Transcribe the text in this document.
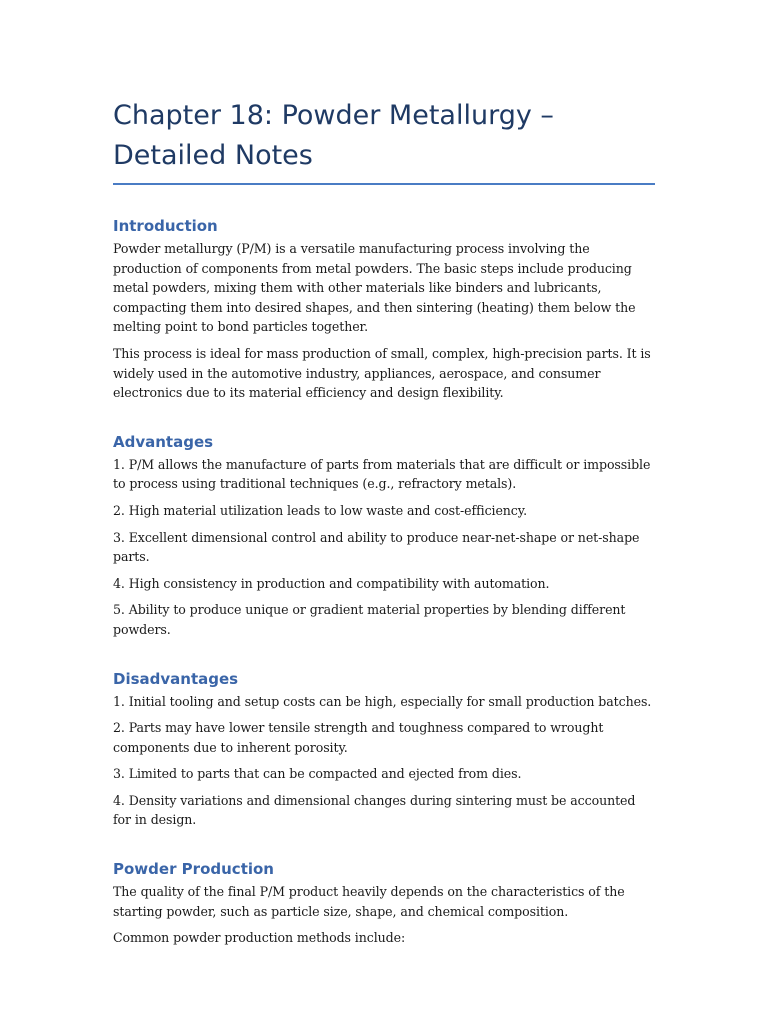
Chapter 18: Powder Metallurgy – Detailed Notes
Introduction

Powder metallurgy (P/M) is a versatile manufacturing process involving the production of components from metal powders. The basic steps include producing metal powders, mixing them with other materials like binders and lubricants, compacting them into desired shapes, and then sintering (heating) them below the melting point to bond particles together.

This process is ideal for mass production of small, complex, high-precision parts. It is widely used in the automotive industry, appliances, aerospace, and consumer electronics due to its material efficiency and design flexibility.

Advantages

1. P/M allows the manufacture of parts from materials that are difficult or impossible to process using traditional techniques (e.g., refractory metals).

2. High material utilization leads to low waste and cost-efficiency.

3. Excellent dimensional control and ability to produce near-net-shape or net-shape parts.

4. High consistency in production and compatibility with automation.

5. Ability to produce unique or gradient material properties by blending different powders.

Disadvantages

1. Initial tooling and setup costs can be high, especially for small production batches.

2. Parts may have lower tensile strength and toughness compared to wrought components due to inherent porosity.

3. Limited to parts that can be compacted and ejected from dies.

4. Density variations and dimensional changes during sintering must be accounted for in design.

Powder Production

The quality of the final P/M product heavily depends on the characteristics of the starting powder, such as particle size, shape, and chemical composition.

Common powder production methods include:
